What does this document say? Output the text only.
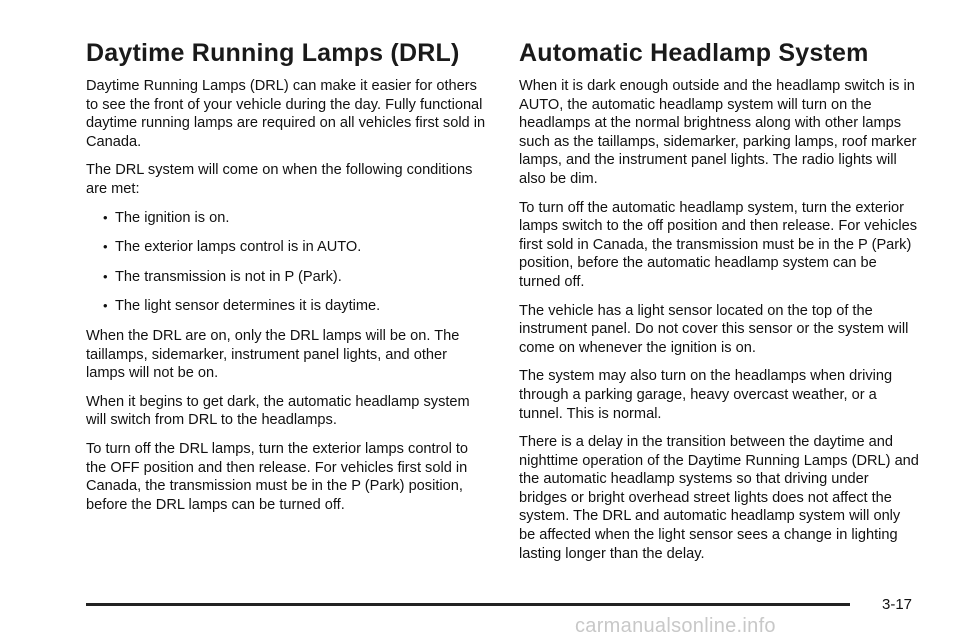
Daytime Running Lamps (DRL)

Daytime Running Lamps (DRL) can make it easier for others to see the front of your vehicle during the day. Fully functional daytime running lamps are required on all vehicles first sold in Canada.

The DRL system will come on when the following conditions are met:

• The ignition is on.
• The exterior lamps control is in AUTO.
• The transmission is not in P (Park).
• The light sensor determines it is daytime.

When the DRL are on, only the DRL lamps will be on. The taillamps, sidemarker, instrument panel lights, and other lamps will not be on.

When it begins to get dark, the automatic headlamp system will switch from DRL to the headlamps.

To turn off the DRL lamps, turn the exterior lamps control to the OFF position and then release. For vehicles first sold in Canada, the transmission must be in the P (Park) position, before the DRL lamps can be turned off.

Automatic Headlamp System

When it is dark enough outside and the headlamp switch is in AUTO, the automatic headlamp system will turn on the headlamps at the normal brightness along with other lamps such as the taillamps, sidemarker, parking lamps, roof marker lamps, and the instrument panel lights. The radio lights will also be dim.

To turn off the automatic headlamp system, turn the exterior lamps switch to the off position and then release. For vehicles first sold in Canada, the transmission must be in the P (Park) position, before the automatic headlamp system can be turned off.

The vehicle has a light sensor located on the top of the instrument panel. Do not cover this sensor or the system will come on whenever the ignition is on.

The system may also turn on the headlamps when driving through a parking garage, heavy overcast weather, or a tunnel. This is normal.

There is a delay in the transition between the daytime and nighttime operation of the Daytime Running Lamps (DRL) and the automatic headlamp systems so that driving under bridges or bright overhead street lights does not affect the system. The DRL and automatic headlamp system will only be affected when the light sensor sees a change in lighting lasting longer than the delay.

3-17
carmanualsonline.info
